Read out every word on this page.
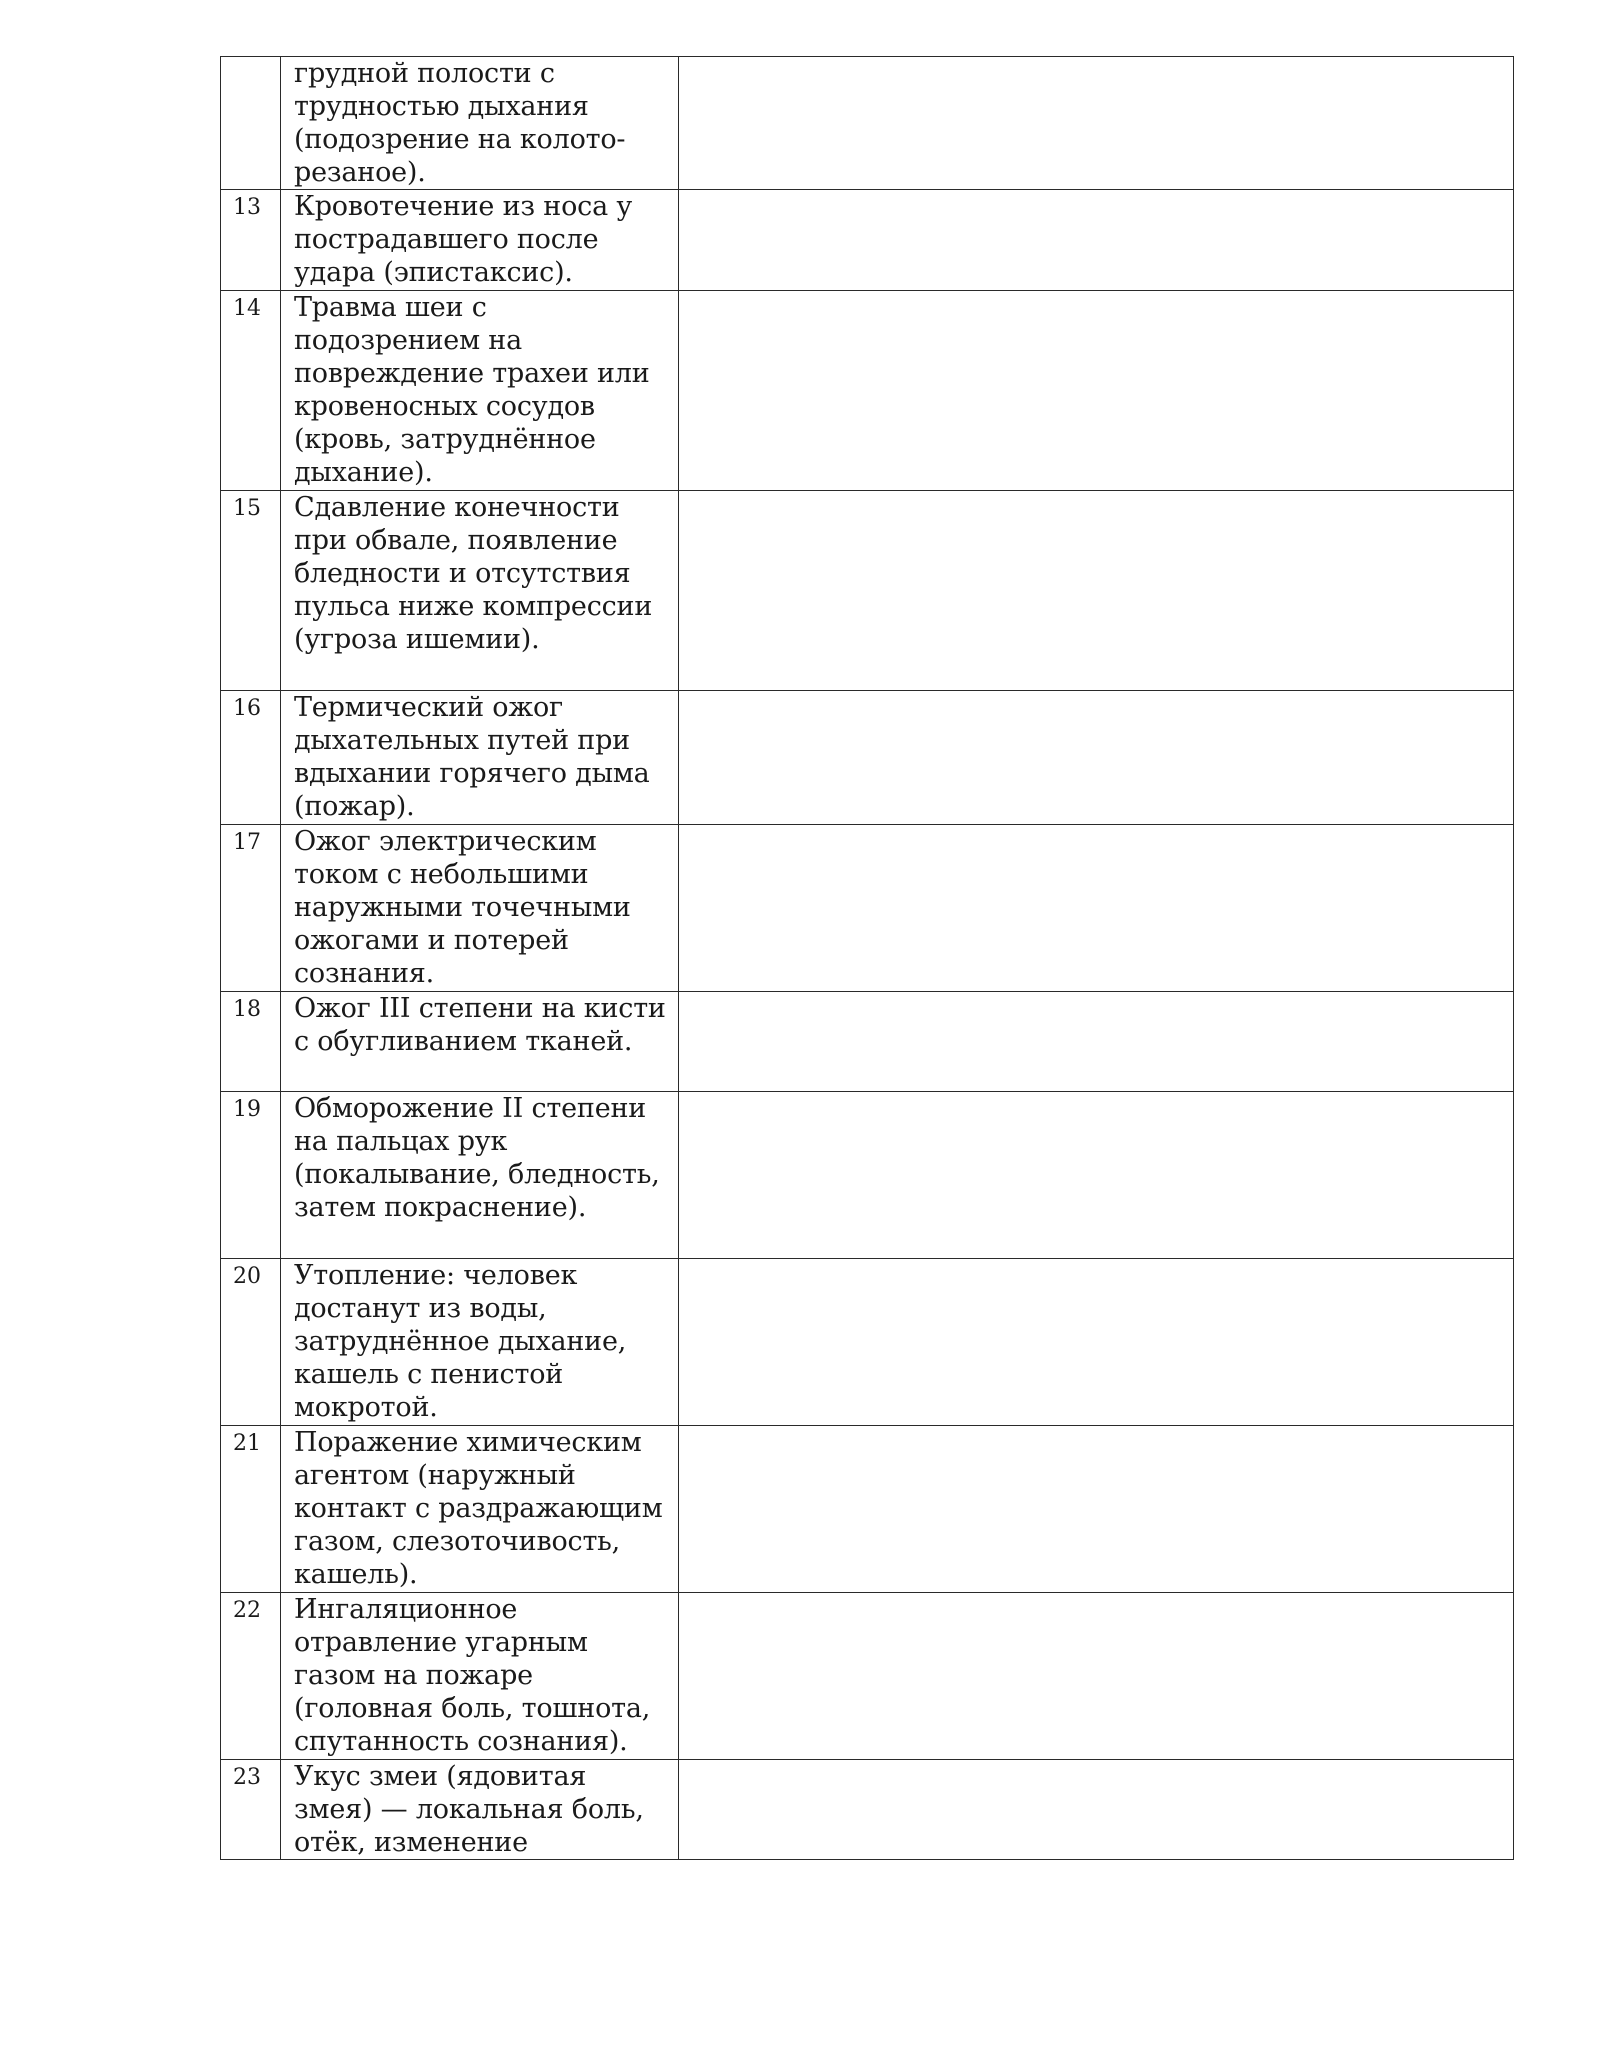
	грудной полости с трудностью дыхания (подозрение на колото-резаное).	
13	Кровотечение из носа у пострадавшего после удара (эпистаксис).	
14	Травма шеи с подозрением на повреждение трахеи или кровеносных сосудов (кровь, затруднённое дыхание).	
15	Сдавление конечности при обвале, появление бледности и отсутствия пульса ниже компрессии (угроза ишемии).	
16	Термический ожог дыхательных путей при вдыхании горячего дыма (пожар).	
17	Ожог электрическим током с небольшими наружными точечными ожогами и потерей сознания.	
18	Ожог III степени на кисти с обугливанием тканей.	
19	Обморожение II степени на пальцах рук (покалывание, бледность, затем покраснение).	
20	Утопление: человек достанут из воды, затруднённое дыхание, кашель с пенистой мокротой.	
21	Поражение химическим агентом (наружный контакт с раздражающим газом, слезоточивость, кашель).	
22	Ингаляционное отравление угарным газом на пожаре (головная боль, тошнота, спутанность сознания).	
23	Укус змеи (ядовитая змея) — локальная боль, отёк, изменение	
